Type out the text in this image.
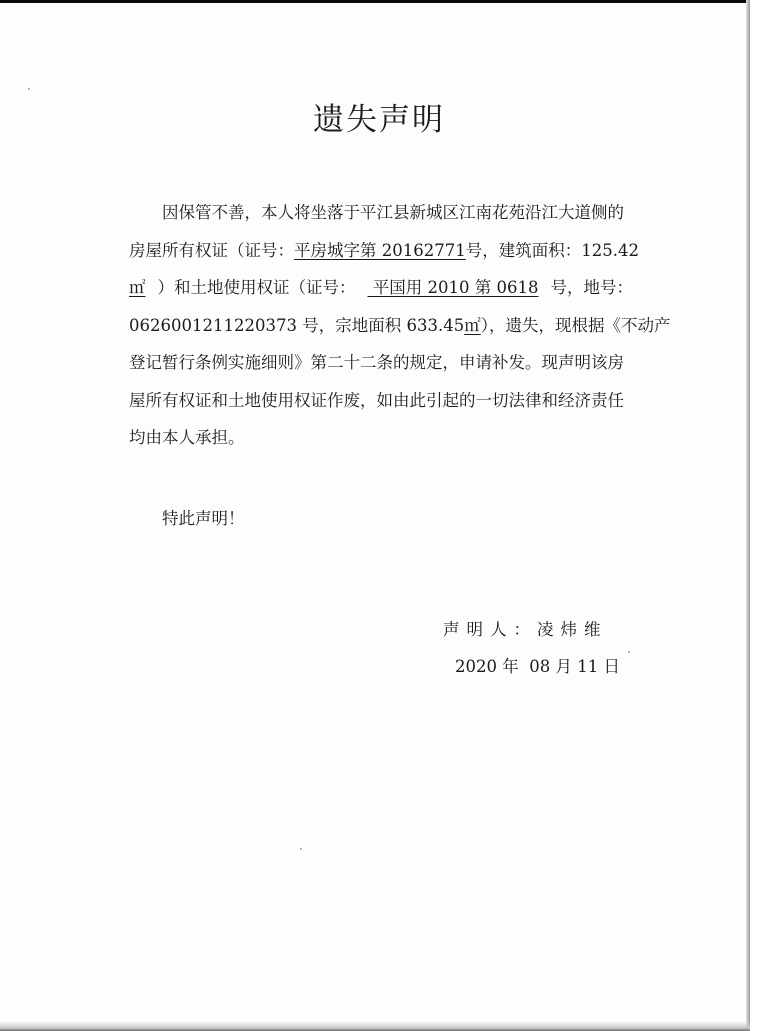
遗失声明
因保管不善，本人将坐落于平江县新城区江南花苑沿江大道侧的
房屋所有权证（证号： 平房城字第 20162771 号，建筑面积： 125.42
㎡ ）和土地使用权证（证号： 平国用 2010 第 0618 号，地号：
0626001211220373 号，宗地面积 633.45 ㎡ ），遗失，现根据《不动产
登记暂行条例实施细则》第二十二条的规定，申请补发。现声明该房
屋所有权证和土地使用权证作废，如由此引起的一切法律和经济责任
均由本人承担。
特此声明！
声明人：凌炜维
2020 年  08 月 11 日
